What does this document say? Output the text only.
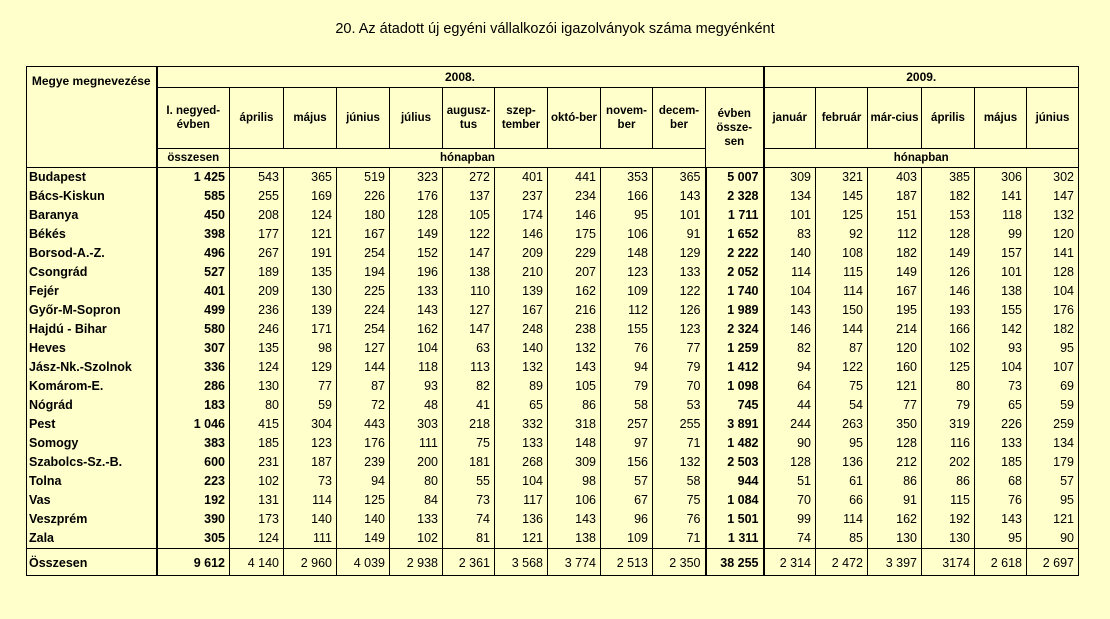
20. Az átadott új egyéni vállalkozói igazolványok száma megyénként
Megye megnevezése	2008.											2009.					
	I. negyed-évben	április	május	június	július	augusz-tus	szep-tember	októ-ber	novem-ber	decem-ber	évben össze-sen	január	február	már-cius	április	május	június
	összesen	hónapban										hónapban					
Budapest	1 425	543	365	519	323	272	401	441	353	365	5 007	309	321	403	385	306	302
Bács-Kiskun	585	255	169	226	176	137	237	234	166	143	2 328	134	145	187	182	141	147
Baranya	450	208	124	180	128	105	174	146	95	101	1 711	101	125	151	153	118	132
Békés	398	177	121	167	149	122	146	175	106	91	1 652	83	92	112	128	99	120
Borsod-A.-Z.	496	267	191	254	152	147	209	229	148	129	2 222	140	108	182	149	157	141
Csongrád	527	189	135	194	196	138	210	207	123	133	2 052	114	115	149	126	101	128
Fejér	401	209	130	225	133	110	139	162	109	122	1 740	104	114	167	146	138	104
Győr-M-Sopron	499	236	139	224	143	127	167	216	112	126	1 989	143	150	195	193	155	176
Hajdú - Bihar	580	246	171	254	162	147	248	238	155	123	2 324	146	144	214	166	142	182
Heves	307	135	98	127	104	63	140	132	76	77	1 259	82	87	120	102	93	95
Jász-Nk.-Szolnok	336	124	129	144	118	113	132	143	94	79	1 412	94	122	160	125	104	107
Komárom-E.	286	130	77	87	93	82	89	105	79	70	1 098	64	75	121	80	73	69
Nógrád	183	80	59	72	48	41	65	86	58	53	745	44	54	77	79	65	59
Pest	1 046	415	304	443	303	218	332	318	257	255	3 891	244	263	350	319	226	259
Somogy	383	185	123	176	111	75	133	148	97	71	1 482	90	95	128	116	133	134
Szabolcs-Sz.-B.	600	231	187	239	200	181	268	309	156	132	2 503	128	136	212	202	185	179
Tolna	223	102	73	94	80	55	104	98	57	58	944	51	61	86	86	68	57
Vas	192	131	114	125	84	73	117	106	67	75	1 084	70	66	91	115	76	95
Veszprém	390	173	140	140	133	74	136	143	96	76	1 501	99	114	162	192	143	121
Zala	305	124	111	149	102	81	121	138	109	71	1 311	74	85	130	130	95	90
Összesen	9 612	4 140	2 960	4 039	2 938	2 361	3 568	3 774	2 513	2 350	38 255	2 314	2 472	3 397	3174	2 618	2 697
